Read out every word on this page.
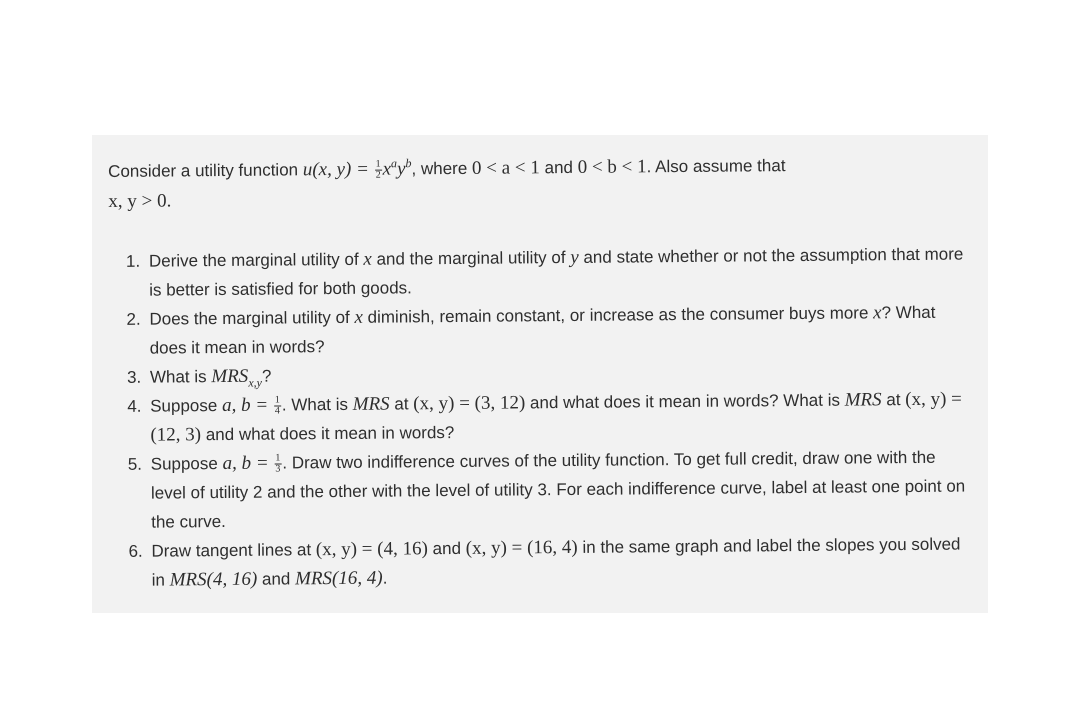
Consider a utility function u(x, $y) = \frac{1}{2} x^ay^b$, where 0 < a < 1 and 0 < b < 1. Also assume that
x, y > 0.
1. Derive the marginal utility of x and the marginal utility of y and state whether or not the assumption that more is better is satisfied for both goods.
2. Does the marginal utility of x diminish, remain constant, or increase as the consumer buys more x? What does it mean in words?
3. What is $MRS_{x,y}$?
4. Suppose a, $b = \frac{1}{4}$ . What is MRS at (x, y) = (3, 12) and what does it mean in words? What is MRS at (x, y) = (12, 3) and what does it mean in words?
5. Suppose a, $b = \frac{1}{3}$ . Draw two indifference curves of the utility function. To get full credit, draw one with the level of utility 2 and the other with the level of utility 3. For each indifference curve, label at least one point on the curve.
6. Draw tangent lines at (x, y) = (4, 16) and (x, y) = (16, 4) in the same graph and label the slopes you solved in MRS(4, 16) and MRS(16, 4).
